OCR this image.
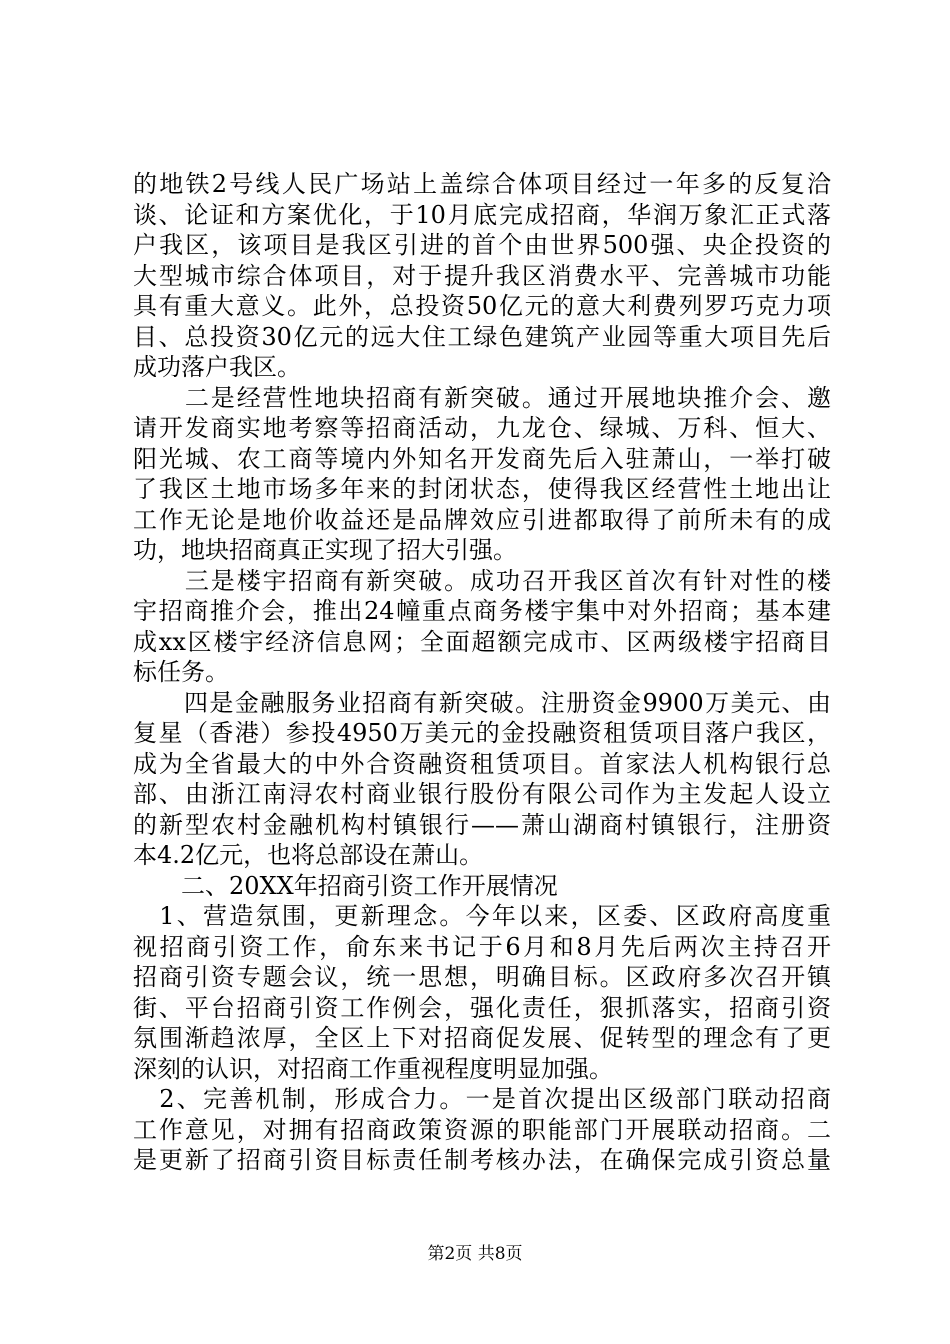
的地铁2号线人民广场站上盖综合体项目经过一年多的反复洽
谈、论证和方案优化，于10月底完成招商，华润万象汇正式落
户我区，该项目是我区引进的首个由世界500强、央企投资的
大型城市综合体项目，对于提升我区消费水平、完善城市功能
具有重大意义。此外，总投资50亿元的意大利费列罗巧克力项
目、总投资30亿元的远大住工绿色建筑产业园等重大项目先后
成功落户我区。
　　二是经营性地块招商有新突破。通过开展地块推介会、邀
请开发商实地考察等招商活动，九龙仓、绿城、万科、恒大、
阳光城、农工商等境内外知名开发商先后入驻萧山，一举打破
了我区土地市场多年来的封闭状态，使得我区经营性土地出让
工作无论是地价收益还是品牌效应引进都取得了前所未有的成
功，地块招商真正实现了招大引强。
　　三是楼宇招商有新突破。成功召开我区首次有针对性的楼
宇招商推介会，推出24幢重点商务楼宇集中对外招商；基本建
成xx区楼宇经济信息网；全面超额完成市、区两级楼宇招商目
标任务。
　　四是金融服务业招商有新突破。注册资金9900万美元、由
复星（香港）参投4950万美元的金投融资租赁项目落户我区，
成为全省最大的中外合资融资租赁项目。首家法人机构银行总
部、由浙江南浔农村商业银行股份有限公司作为主发起人设立
的新型农村金融机构村镇银行——萧山湖商村镇银行，注册资
本4.2亿元，也将总部设在萧山。
　　二、20XX年招商引资工作开展情况
　1、营造氛围，更新理念。今年以来，区委、区政府高度重
视招商引资工作，俞东来书记于6月和8月先后两次主持召开
招商引资专题会议，统一思想，明确目标。区政府多次召开镇
街、平台招商引资工作例会，强化责任，狠抓落实，招商引资
氛围渐趋浓厚，全区上下对招商促发展、促转型的理念有了更
深刻的认识，对招商工作重视程度明显加强。
　2、完善机制，形成合力。一是首次提出区级部门联动招商
工作意见，对拥有招商政策资源的职能部门开展联动招商。二
是更新了招商引资目标责任制考核办法，在确保完成引资总量
第2页 共8页
